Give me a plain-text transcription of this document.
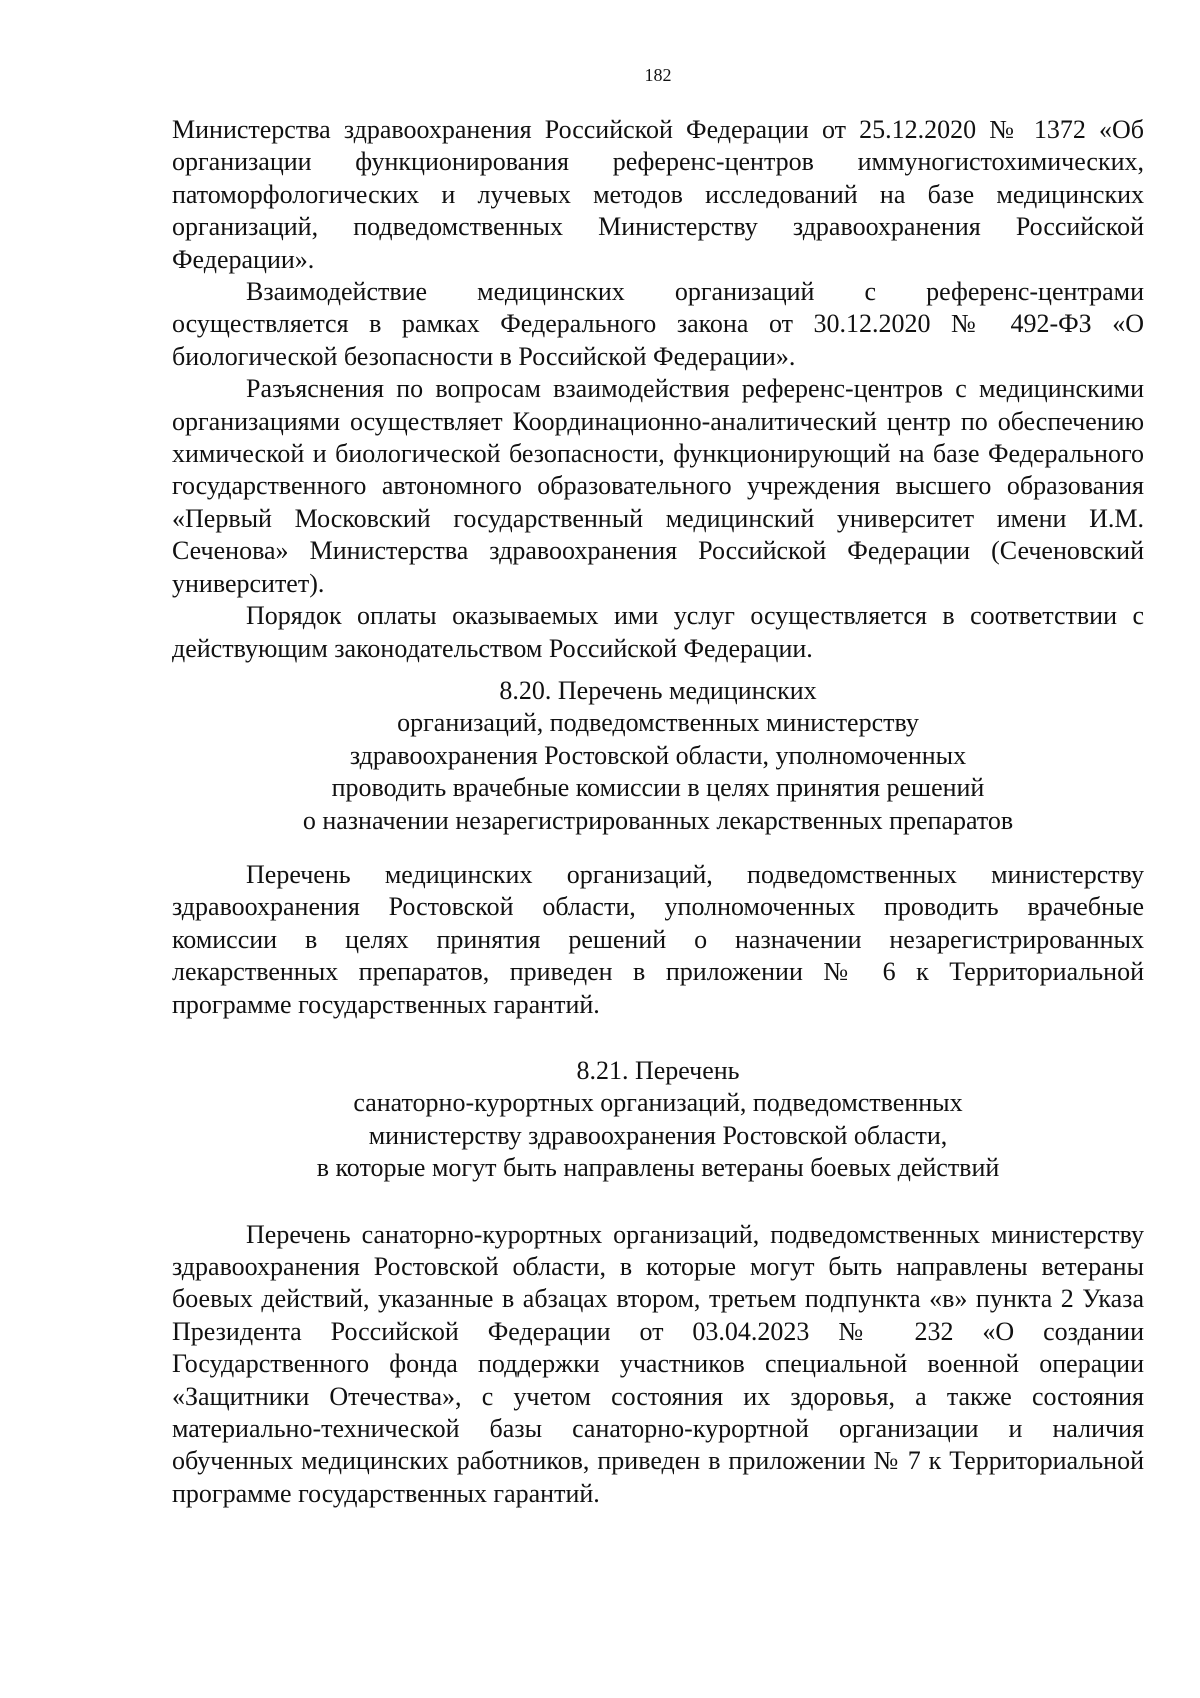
182

Министерства здравоохранения Российской Федерации от 25.12.2020 № 1372 «Об организации функционирования референс-центров иммуногистохимических, патоморфологических и лучевых методов исследований на базе медицинских организаций, подведомственных Министерству здравоохранения Российской Федерации».

Взаимодействие медицинских организаций с референс-центрами осуществляется в рамках Федерального закона от 30.12.2020 № 492-ФЗ «О биологической безопасности в Российской Федерации».

Разъяснения по вопросам взаимодействия референс-центров с медицинскими организациями осуществляет Координационно-аналитический центр по обеспечению химической и биологической безопасности, функционирующий на базе Федерального государственного автономного образовательного учреждения высшего образования «Первый Московский государственный медицинский университет имени И.М. Сеченова» Министерства здравоохранения Российской Федерации (Сеченовский университет).

Порядок оплаты оказываемых ими услуг осуществляется в соответствии с действующим законодательством Российской Федерации.

8.20. Перечень медицинских
организаций, подведомственных министерству
здравоохранения Ростовской области, уполномоченных
проводить врачебные комиссии в целях принятия решений
о назначении незарегистрированных лекарственных препаратов

Перечень медицинских организаций, подведомственных министерству здравоохранения Ростовской области, уполномоченных проводить врачебные комиссии в целях принятия решений о назначении незарегистрированных лекарственных препаратов, приведен в приложении № 6 к Территориальной программе государственных гарантий.

8.21. Перечень
санаторно-курортных организаций, подведомственных
министерству здравоохранения Ростовской области,
в которые могут быть направлены ветераны боевых действий

Перечень санаторно-курортных организаций, подведомственных министерству здравоохранения Ростовской области, в которые могут быть направлены ветераны боевых действий, указанные в абзацах втором, третьем подпункта «в» пункта 2 Указа Президента Российской Федерации от 03.04.2023 № 232 «О создании Государственного фонда поддержки участников специальной военной операции «Защитники Отечества», с учетом состояния их здоровья, а также состояния материально-технической базы санаторно-курортной организации и наличия обученных медицинских работников, приведен в приложении № 7 к Территориальной программе государственных гарантий.
